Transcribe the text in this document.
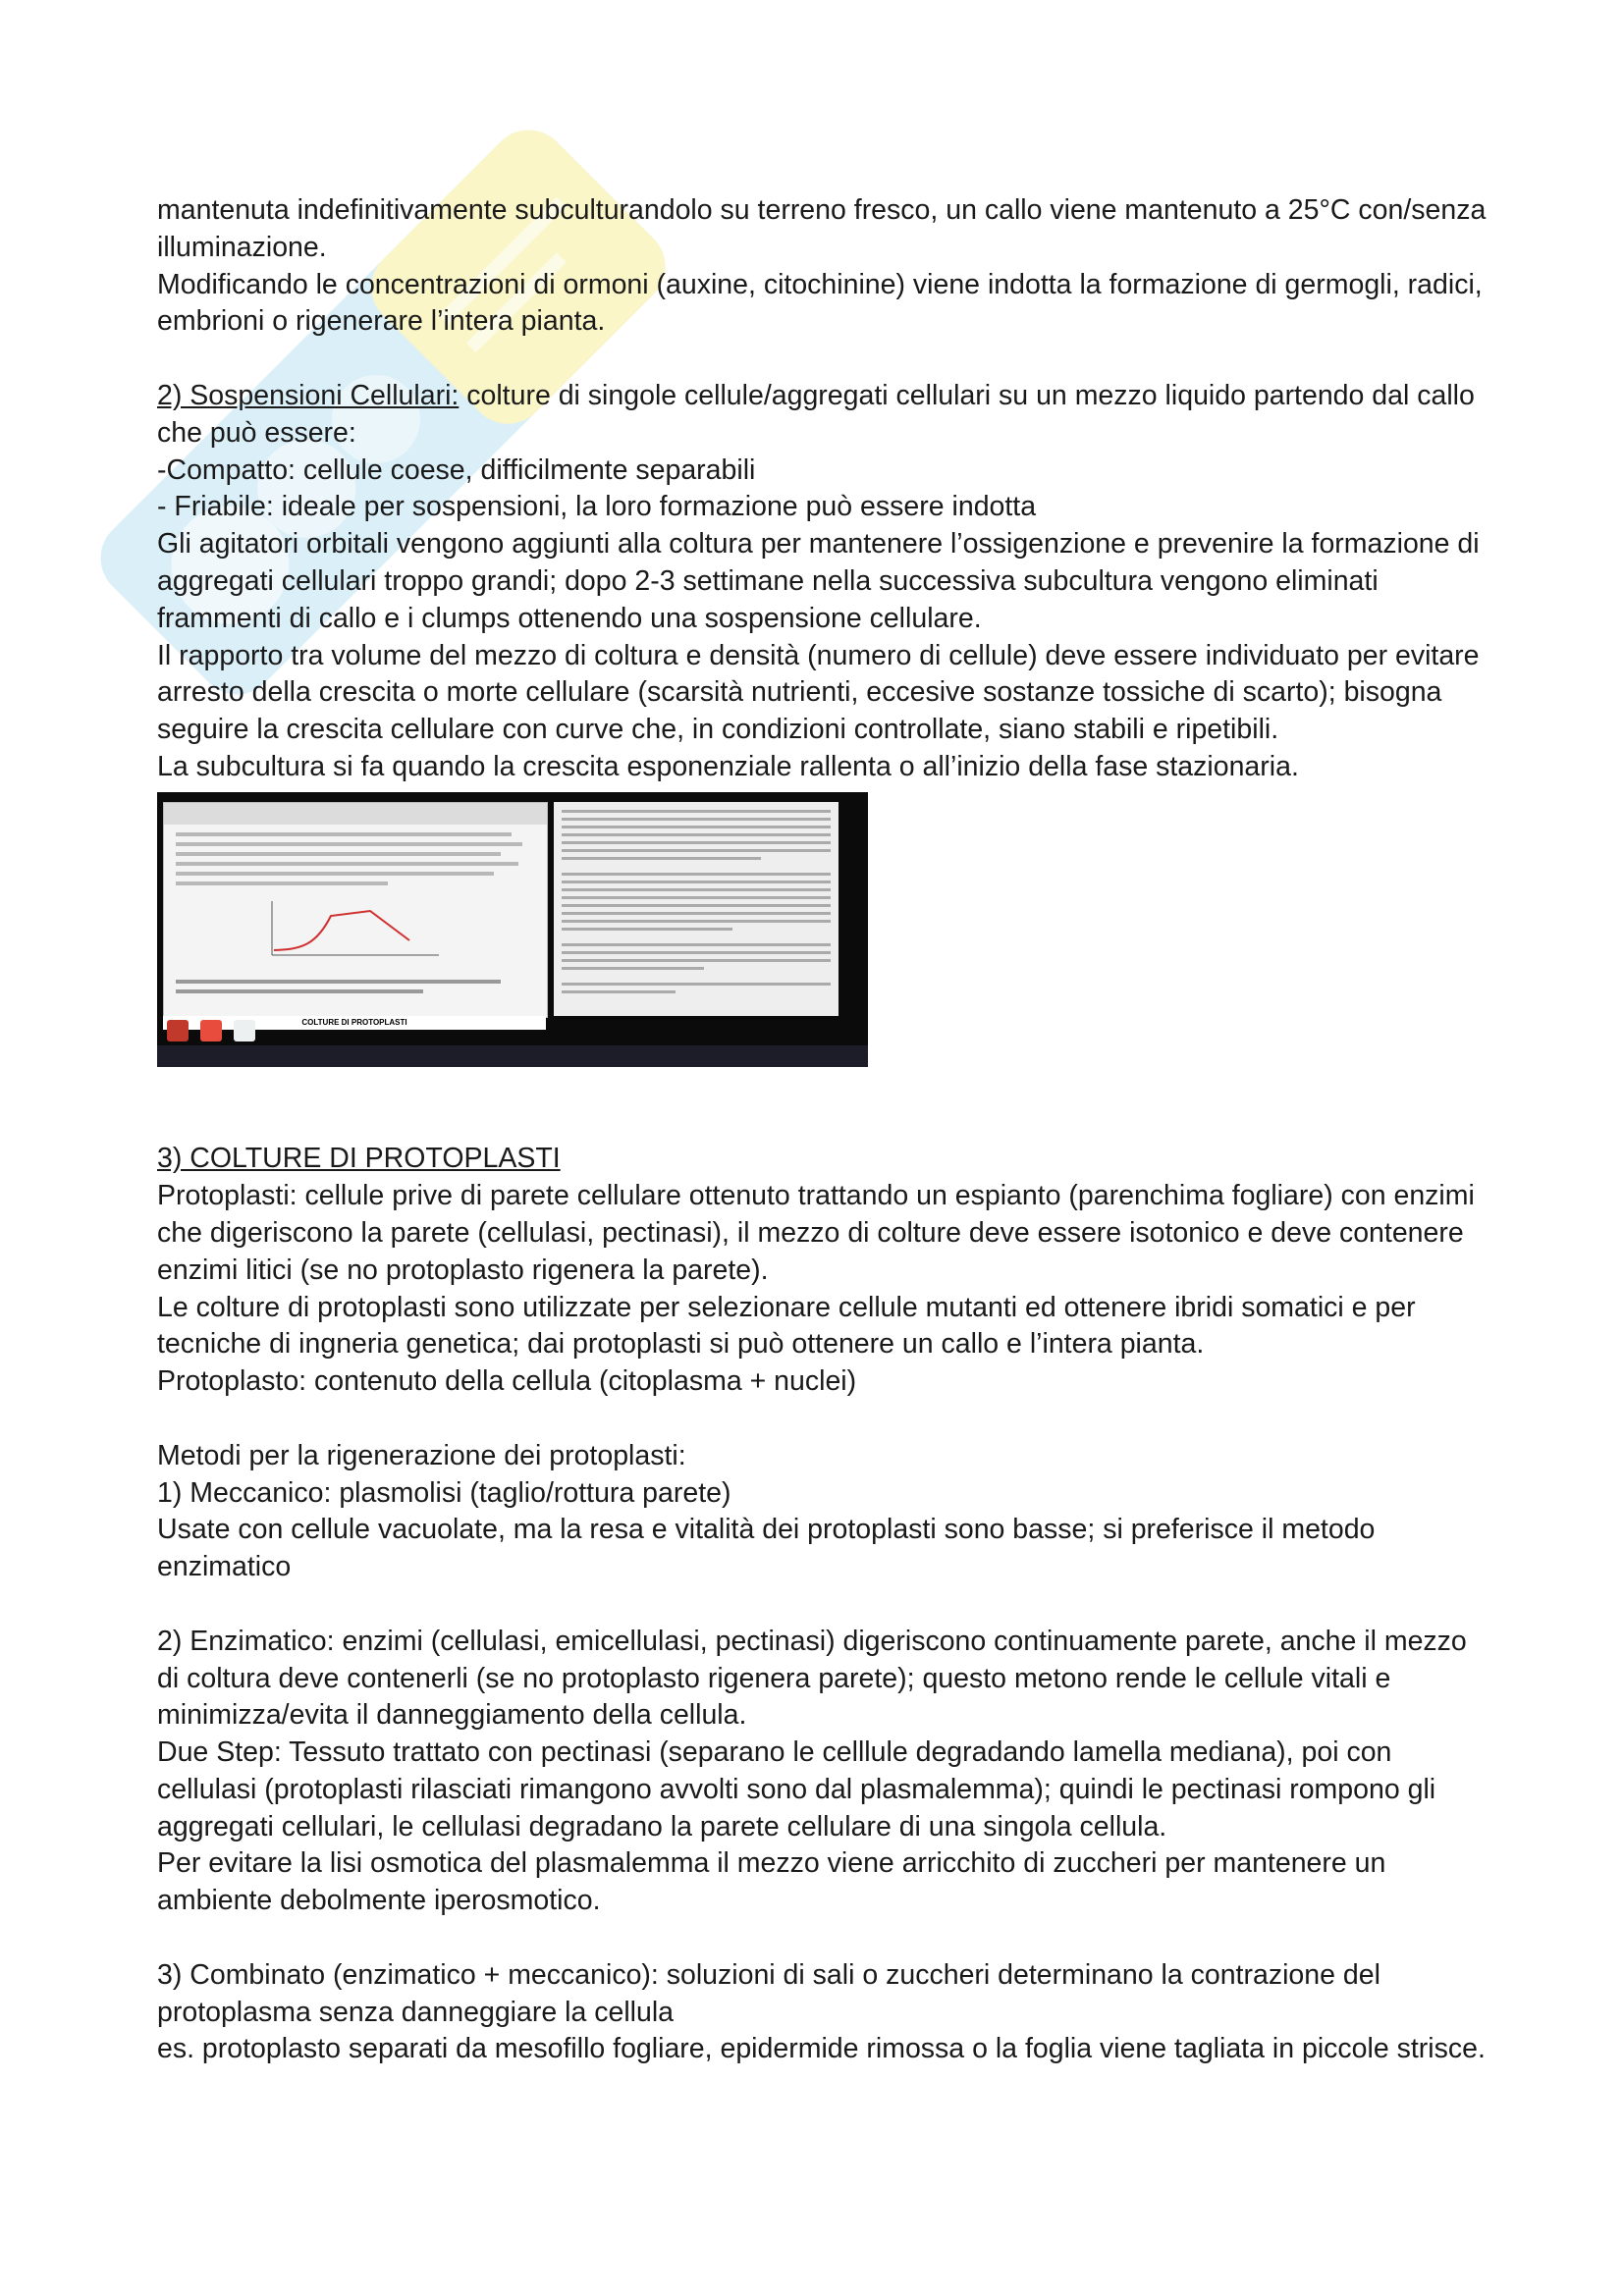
mantenuta indefinitivamente subculturandolo su terreno fresco, un callo viene mantenuto a 25°C con/senza illuminazione.

Modificando le concentrazioni di ormoni (auxine, citochinine) viene indotta la formazione di germogli, radici, embrioni o rigenerare l’intera pianta.

2) Sospensioni Cellulari: colture di singole cellule/aggregati cellulari su un mezzo liquido partendo dal callo che può essere:

-Compatto: cellule coese, difficilmente separabili

- Friabile: ideale per sospensioni, la loro formazione può essere indotta

Gli agitatori orbitali vengono aggiunti alla coltura per mantenere l’ossigenzione e prevenire la formazione di aggregati cellulari troppo grandi; dopo 2-3 settimane nella successiva subcultura vengono eliminati frammenti di callo e i clumps ottenendo una sospensione cellulare.

Il rapporto tra volume del mezzo di coltura e densità (numero di cellule) deve essere individuato per evitare arresto della crescita o morte cellulare (scarsità nutrienti, eccesive sostanze tossiche di scarto); bisogna seguire la crescita cellulare con curve che, in condizioni controllate, siano stabili e ripetibili.

La subcultura si fa quando la crescita esponenziale rallenta o all’inizio della fase stazionaria.

COLTURE DI PROTOPLASTI

3) COLTURE DI PROTOPLASTI

Protoplasti: cellule prive di parete cellulare ottenuto trattando un espianto (parenchima fogliare) con enzimi che digeriscono la parete (cellulasi, pectinasi), il mezzo di colture deve essere isotonico e deve contenere enzimi litici (se no protoplasto rigenera la parete).

Le colture di protoplasti sono utilizzate per selezionare cellule mutanti ed ottenere ibridi somatici e per tecniche di ingneria genetica; dai protoplasti si può ottenere un callo e l’intera pianta.

Protoplasto: contenuto della cellula (citoplasma + nuclei)

Metodi per la rigenerazione dei protoplasti:

1) Meccanico: plasmolisi (taglio/rottura parete)

Usate con cellule vacuolate, ma la resa e vitalità dei protoplasti sono basse; si preferisce il metodo enzimatico

2) Enzimatico: enzimi (cellulasi, emicellulasi, pectinasi) digeriscono continuamente parete, anche il mezzo di coltura deve contenerli (se no protoplasto rigenera parete); questo metono rende le cellule vitali e minimizza/evita il danneggiamento della cellula.

Due Step: Tessuto trattato con pectinasi (separano le celllule degradando lamella mediana), poi con cellulasi (protoplasti rilasciati rimangono avvolti sono dal plasmalemma); quindi le pectinasi rompono gli aggregati cellulari, le cellulasi degradano la parete cellulare di una singola cellula.

Per evitare la lisi osmotica del plasmalemma il mezzo viene arricchito di zuccheri per mantenere un ambiente debolmente iperosmotico.

3) Combinato (enzimatico + meccanico): soluzioni di sali o zuccheri determinano la contrazione del protoplasma senza danneggiare la cellula

es. protoplasto separati da mesofillo fogliare, epidermide rimossa o la foglia viene tagliata in piccole strisce.
